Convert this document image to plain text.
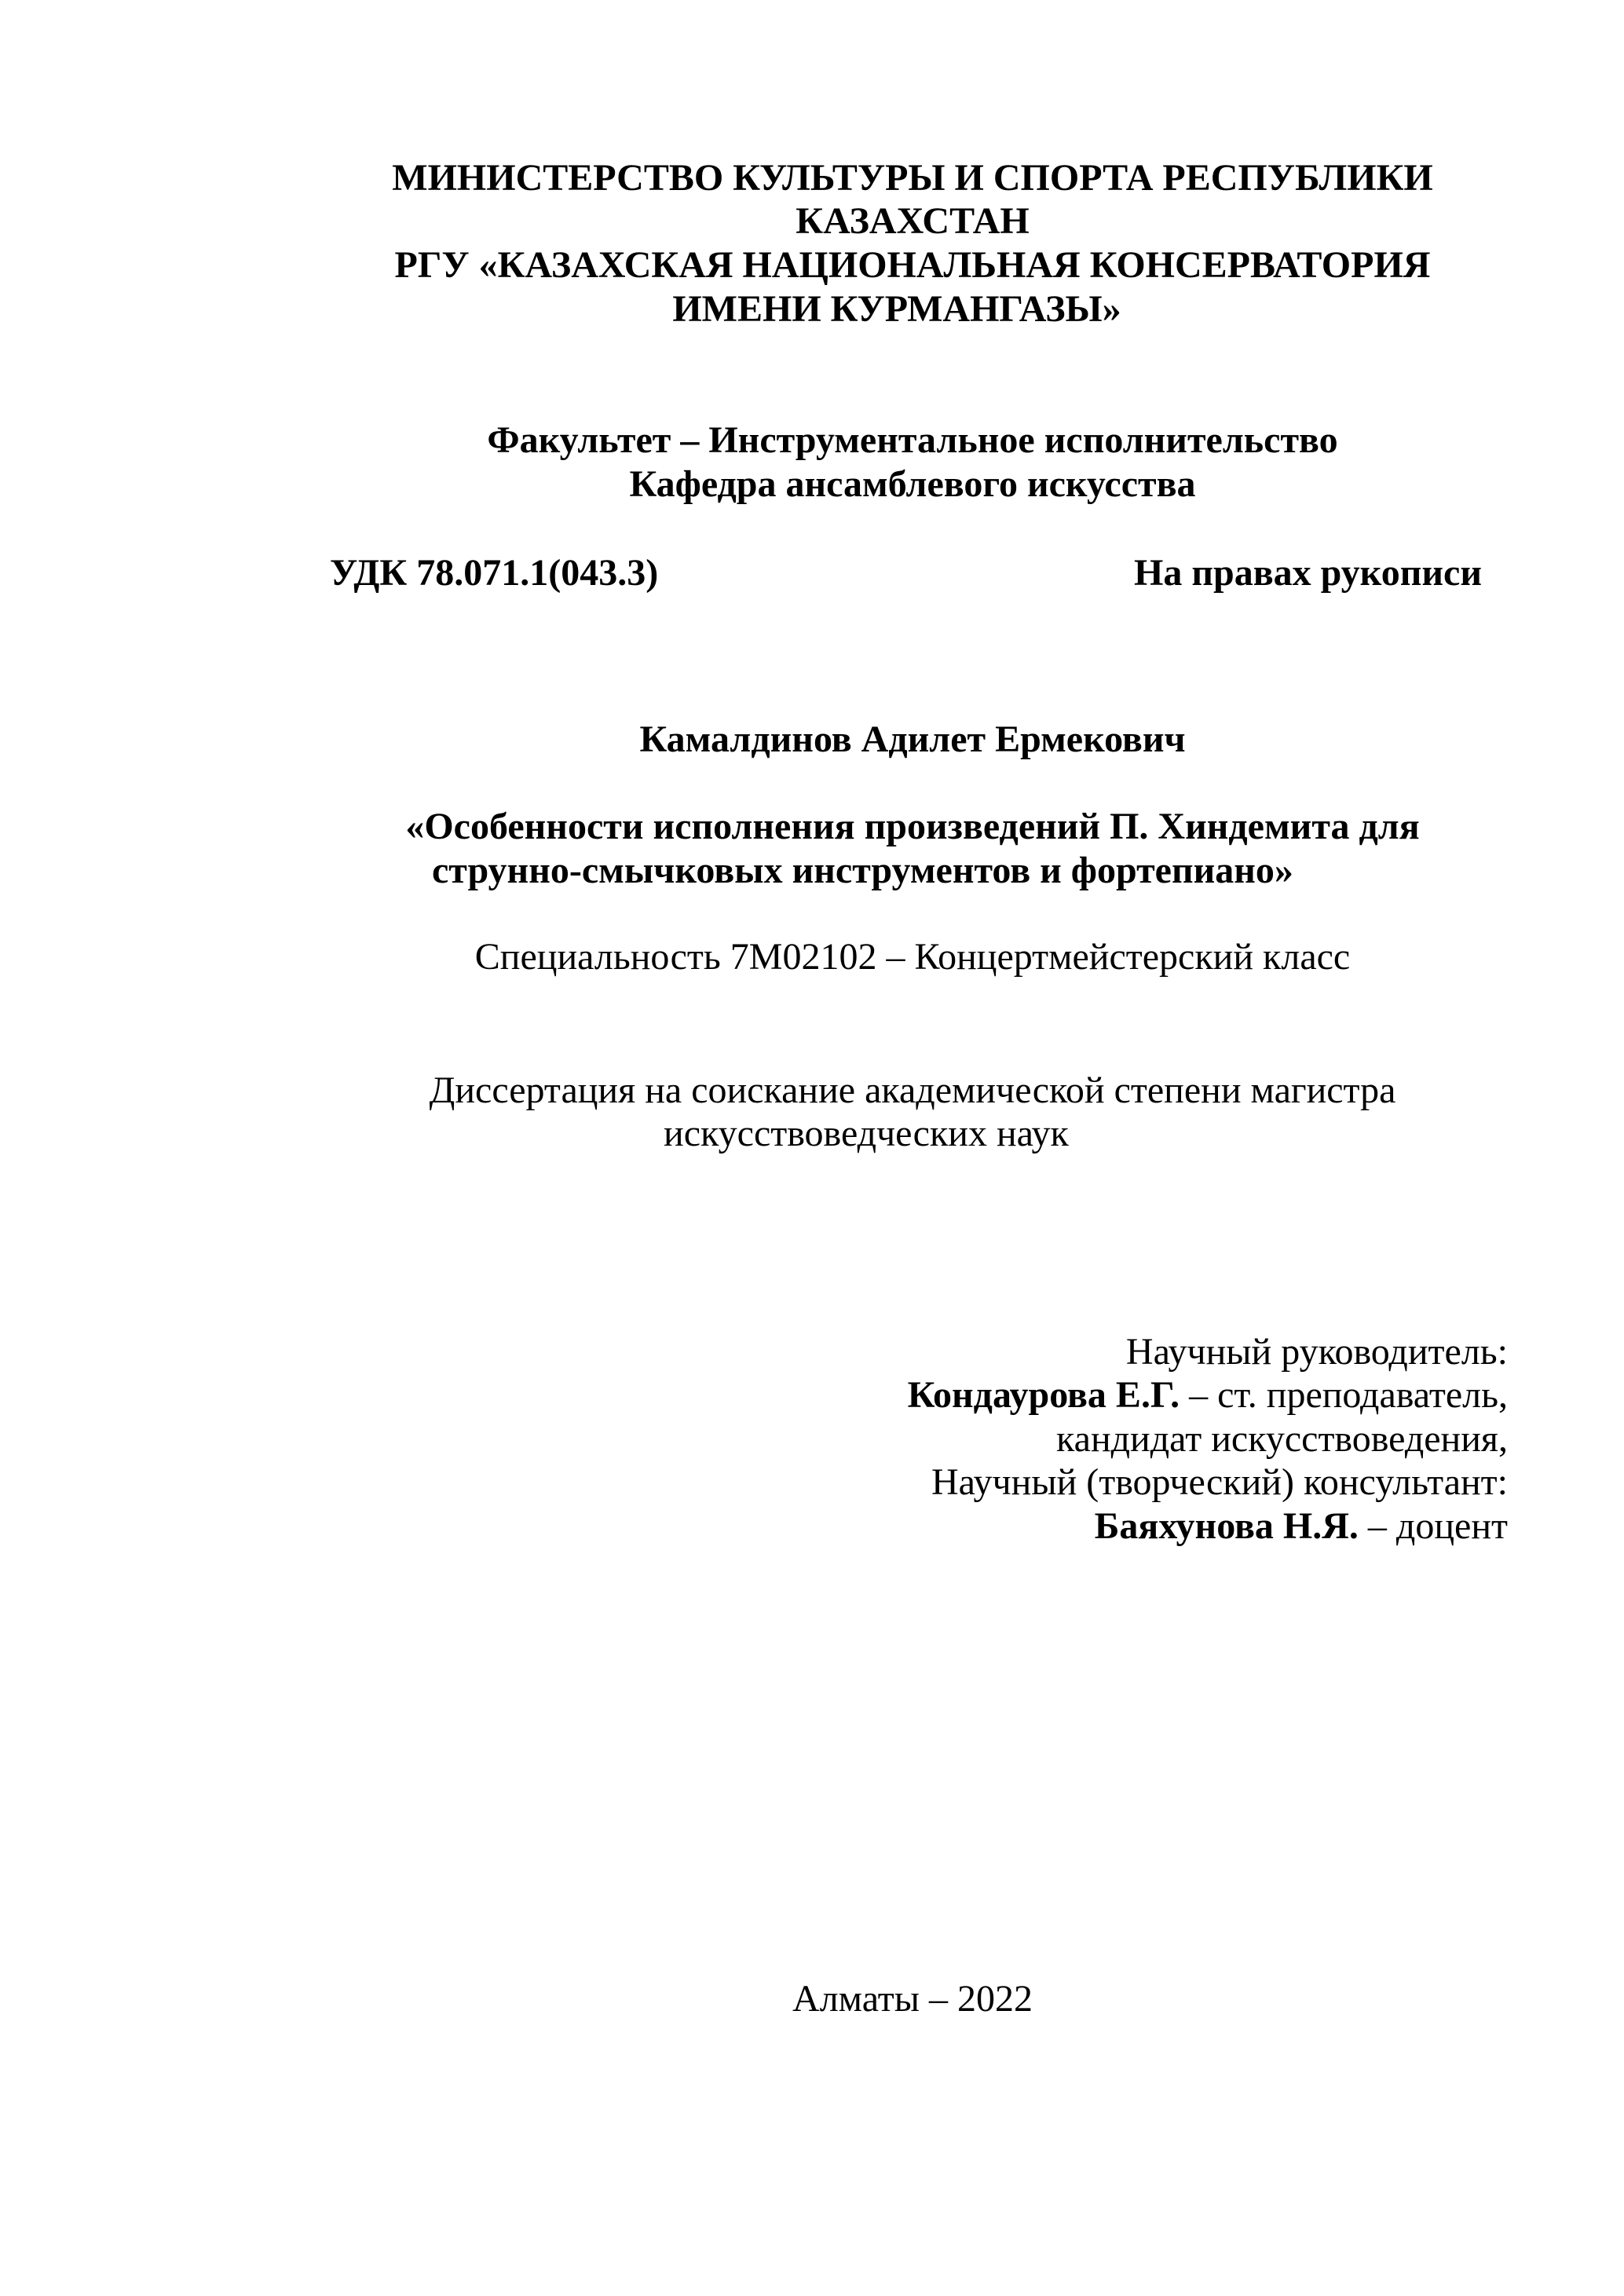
МИНИСТЕРСТВО КУЛЬТУРЫ И СПОРТА РЕСПУБЛИКИ
КАЗАХСТАН
РГУ «КАЗАХСКАЯ НАЦИОНАЛЬНАЯ КОНСЕРВАТОРИЯ
ИМЕНИ КУРМАНГАЗЫ»
Факультет – Инструментальное исполнительство
Кафедра ансамблевого искусства
УДК 78.071.1(043.3)	На правах рукописи
Камалдинов Адилет Ермекович
«Особенности исполнения произведений П. Хиндемита для
струнно-смычковых инструментов и фортепиано»
Специальность 7М02102 – Концертмейстерский класс
Диссертация на соискание академической степени магистра
искусствоведческих наук
Научный руководитель:
Кондаурова Е.Г. – ст. преподаватель,
кандидат искусствоведения,
Научный (творческий) консультант:
Баяхунова Н.Я. – доцент
Алматы – 2022
